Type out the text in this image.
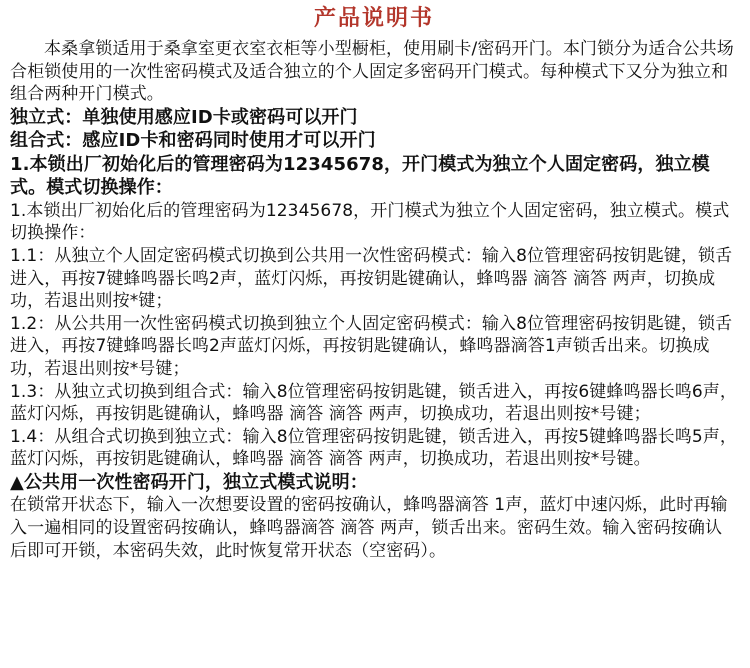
产品说明书

本桑拿锁适用于桑拿室更衣室衣柜等小型橱柜，使用刷卡/密码开门。本门锁分为适合公共场合柜锁使用的一次性密码模式及适合独立的个人固定多密码开门模式。每种模式下又分为独立和组合两种开门模式。

独立式：单独使用感应ID卡或密码可以开门

组合式：感应ID卡和密码同时使用才可以开门

1.本锁出厂初始化后的管理密码为12345678，开门模式为独立个人固定密码，独立模式。模式切换操作：

1.本锁出厂初始化后的管理密码为12345678，开门模式为独立个人固定密码，独立模式。模式切换操作：

1.1：从独立个人固定密码模式切换到公共用一次性密码模式：输入8位管理密码按钥匙键，锁舌进入，再按7键蜂鸣器长鸣2声，蓝灯闪烁，再按钥匙键确认，蜂鸣器 滴答 滴答 两声，切换成功，若退出则按*键；

1.2：从公共用一次性密码模式切换到独立个人固定密码模式：输入8位管理密码按钥匙键，锁舌进入，再按7键蜂鸣器长鸣2声蓝灯闪烁，再按钥匙键确认，蜂鸣器滴答1声锁舌出来。切换成功，若退出则按*号键；

1.3：从独立式切换到组合式：输入8位管理密码按钥匙键，锁舌进入，再按6键蜂鸣器长鸣6声，蓝灯闪烁，再按钥匙键确认，蜂鸣器 滴答 滴答 两声，切换成功，若退出则按*号键；

1.4：从组合式切换到独立式：输入8位管理密码按钥匙键，锁舌进入，再按5键蜂鸣器长鸣5声，蓝灯闪烁，再按钥匙键确认，蜂鸣器 滴答 滴答 两声，切换成功，若退出则按*号键。

▲公共用一次性密码开门，独立式模式说明：

在锁常开状态下，输入一次想要设置的密码按确认，蜂鸣器滴答 1声，蓝灯中速闪烁，此时再输入一遍相同的设置密码按确认，蜂鸣器滴答 滴答 两声，锁舌出来。密码生效。输入密码按确认后即可开锁，本密码失效，此时恢复常开状态（空密码）。
